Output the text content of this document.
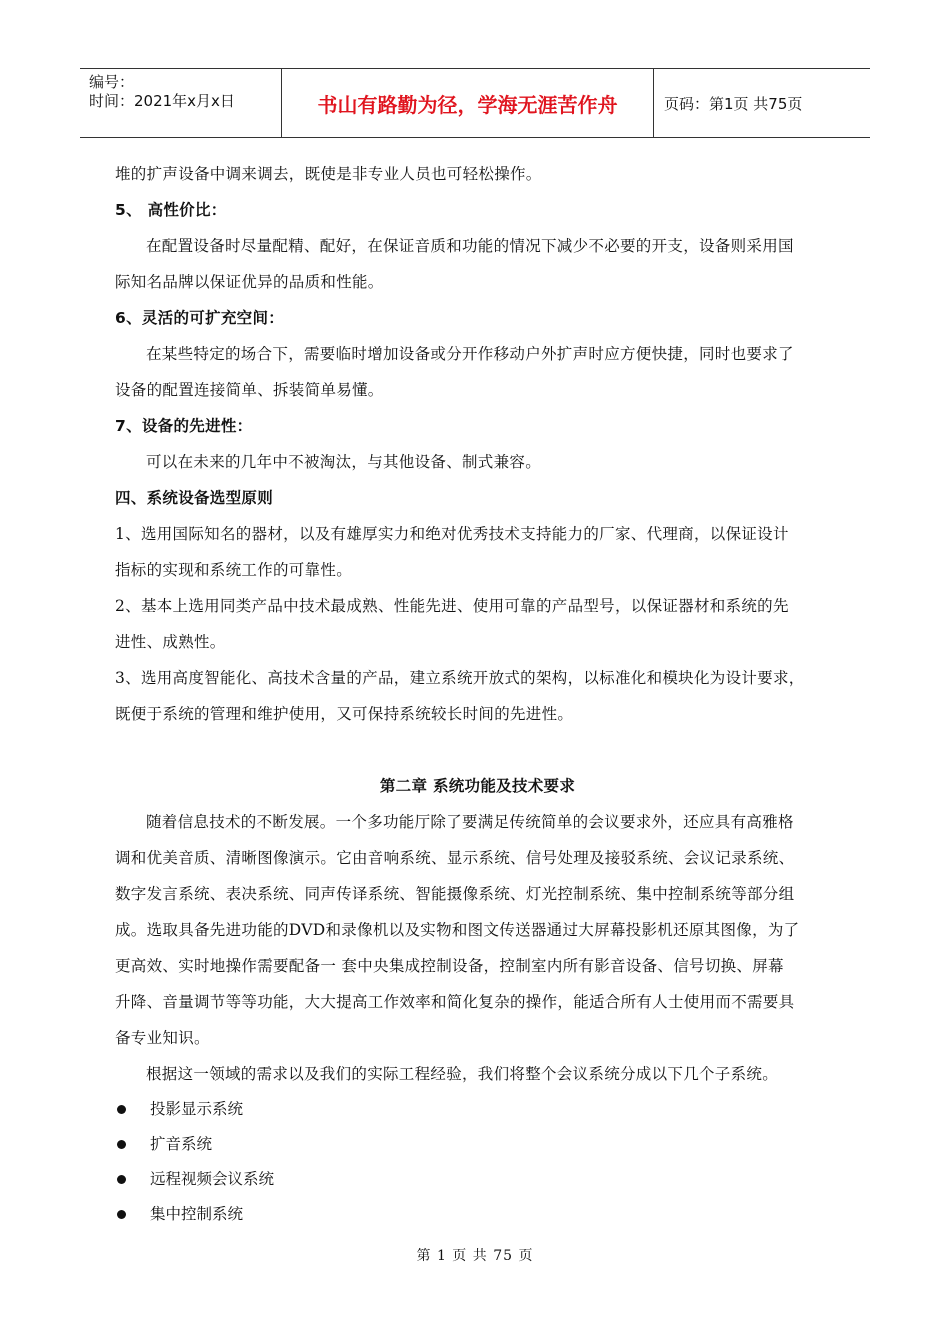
编号：
时间：2021年x月x日	书山有路勤为径，学海无涯苦作舟	页码：第1页 共75页

堆的扩声设备中调来调去，既使是非专业人员也可轻松操作。

5、 高性价比：

在配置设备时尽量配精、配好，在保证音质和功能的情况下减少不必要的开支，设备则采用国

际知名品牌以保证优异的品质和性能。

6、灵活的可扩充空间：

在某些特定的场合下，需要临时增加设备或分开作移动户外扩声时应方便快捷，同时也要求了

设备的配置连接简单、拆装简单易懂。

7、设备的先进性：

可以在未来的几年中不被淘汰，与其他设备、制式兼容。

四、系统设备选型原则

1、选用国际知名的器材，以及有雄厚实力和绝对优秀技术支持能力的厂家、代理商，以保证设计

指标的实现和系统工作的可靠性。

2、基本上选用同类产品中技术最成熟、性能先进、使用可靠的产品型号，以保证器材和系统的先

进性、成熟性。

3、选用高度智能化、高技术含量的产品，建立系统开放式的架构，以标准化和模块化为设计要求，

既便于系统的管理和维护使用，又可保持系统较长时间的先进性。

第二章 系统功能及技术要求

随着信息技术的不断发展。一个多功能厅除了要满足传统简单的会议要求外，还应具有高雅格

调和优美音质、清晰图像演示。它由音响系统、显示系统、信号处理及接驳系统、会议记录系统、

数字发言系统、表决系统、同声传译系统、智能摄像系统、灯光控制系统、集中控制系统等部分组

成。选取具备先进功能的DVD和录像机以及实物和图文传送器通过大屏幕投影机还原其图像，为了

更高效、实时地操作需要配备一 套中央集成控制设备，控制室内所有影音设备、信号切换、屏幕

升降、音量调节等等功能，大大提高工作效率和简化复杂的操作，能适合所有人士使用而不需要具

备专业知识。

根据这一领域的需求以及我们的实际工程经验，我们将整个会议系统分成以下几个子系统。

投影显示系统
扩音系统
远程视频会议系统
集中控制系统
第 1 页 共 75 页
